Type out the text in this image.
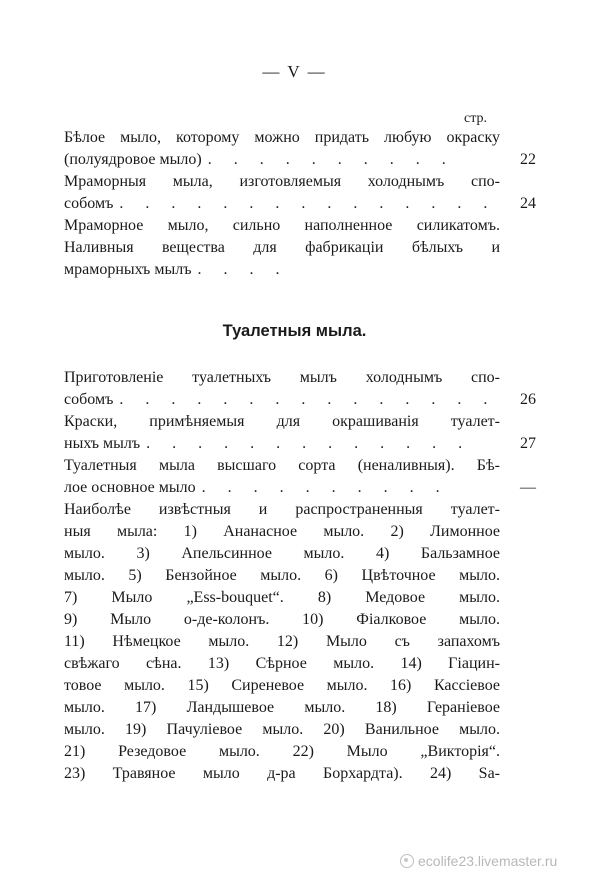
— V —
стр.
Бѣлое мыло, которому можно придать любую окраску
(полуядровое мыло) . . . . . . . . . .	22
Мраморныя мыла, изготовляемыя холоднымъ спо-
собомъ . . . . . . . . . . . . . . .	24
Мраморное мыло, сильно наполненное силикатомъ.
Наливныя вещества для фабрикаціи бѣлыхъ и
мраморныхъ мылъ . . . .
Туалетныя мыла.
Приготовленіе туалетныхъ мылъ холоднымъ спо-
собомъ . . . . . . . . . . . . . . .	26
Краски, примѣняемыя для окрашиванія туалет-
ныхъ мылъ . . . . . . . . . . . . .	27
Туалетныя мыла высшаго сорта (неналивныя). Бѣ-
лое основное мыло . . . . . . . . . .	—
Наиболѣе извѣстныя и распространенныя туалет-
ныя мыла: 1) Ананасное мыло. 2) Лимонное
мыло. 3) Апельсинное мыло. 4) Бальзамное
мыло. 5) Бензойное мыло. 6) Цвѣточное мыло.
7) Мыло „Ess-bouquet“. 8) Медовое мыло.
9) Мыло о-де-колонъ. 10) Фіалковое мыло.
11) Нѣмецкое мыло. 12) Мыло съ запахомъ
свѣжаго сѣна. 13) Сѣрное мыло. 14) Гіацин-
товое мыло. 15) Сиреневое мыло. 16) Кассіевое
мыло. 17) Ландышевое мыло. 18) Гераніевое
мыло. 19) Пачуліевое мыло. 20) Ванильное мыло.
21) Резедовое мыло. 22) Мыло „Викторія“.
23) Травяное мыло д-ра Борхардта). 24) Sa-
ecolife23.livemaster.ru
